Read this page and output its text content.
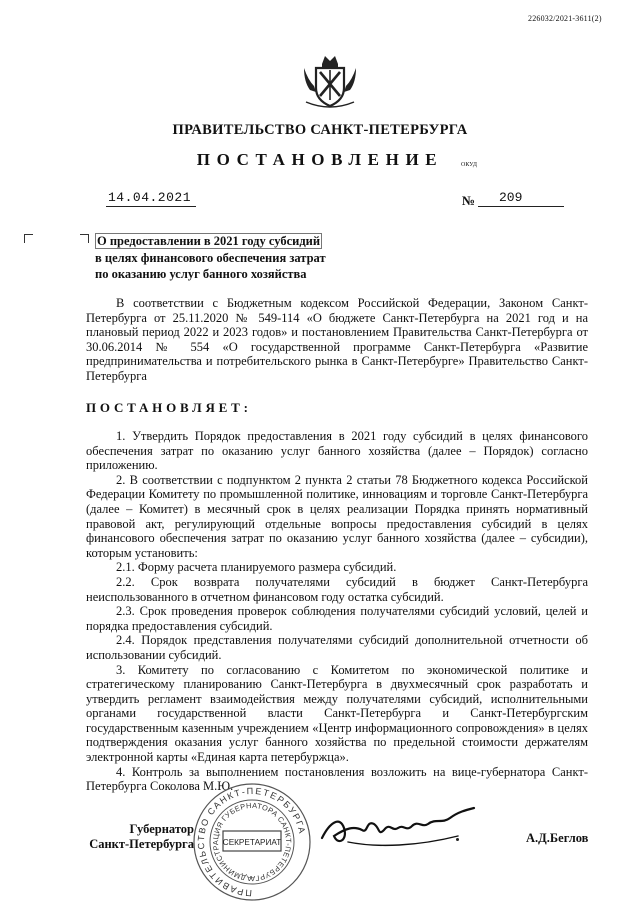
226032/2021-3611(2)
ПРАВИТЕЛЬСТВО САНКТ-ПЕТЕРБУРГА
ПОСТАНОВЛЕНИЕ	ОКУД
14.04.2021	№ 209
О предоставлении в 2021 году субсидий
в целях финансового обеспечения затрат
по оказанию услуг банного хозяйства

В соответствии с Бюджетным кодексом Российской Федерации, Законом Санкт-Петербурга от 25.11.2020 № 549-114 «О бюджете Санкт-Петербурга на 2021 год и на плановый период 2022 и 2023 годов» и постановлением Правительства Санкт-Петербурга от 30.06.2014 № 554 «О государственной программе Санкт-Петербурга «Развитие предпринимательства и потребительского рынка в Санкт-Петербурге» Правительство Санкт-Петербурга

ПОСТАНОВЛЯЕТ:

1. Утвердить Порядок предоставления в 2021 году субсидий в целях финансового обеспечения затрат по оказанию услуг банного хозяйства (далее – Порядок) согласно приложению.

2. В соответствии с подпунктом 2 пункта 2 статьи 78 Бюджетного кодекса Российской Федерации Комитету по промышленной политике, инновациям и торговле Санкт-Петербурга (далее – Комитет) в месячный срок в целях реализации Порядка принять нормативный правовой акт, регулирующий отдельные вопросы предоставления субсидий в целях финансового обеспечения затрат по оказанию услуг банного хозяйства (далее – субсидии), которым установить:

2.1. Форму расчета планируемого размера субсидий.

2.2. Срок возврата получателями субсидий в бюджет Санкт-Петербурга неиспользованного в отчетном финансовом году остатка субсидий.

2.3. Срок проведения проверок соблюдения получателями субсидий условий, целей и порядка предоставления субсидий.

2.4. Порядок представления получателями субсидий дополнительной отчетности об использовании субсидий.

3. Комитету по согласованию с Комитетом по экономической политике и стратегическому планированию Санкт-Петербурга в двухмесячный срок разработать и утвердить регламент взаимодействия между получателями субсидий, исполнительными органами государственной власти Санкт-Петербурга и Санкт-Петербургским государственным казенным учреждением «Центр информационного сопровождения» в целях подтверждения оказания услуг банного хозяйства по предельной стоимости держателям электронной карты «Единая карта петербуржца».

4. Контроль за выполнением постановления возложить на вице-губернатора Санкт-Петербурга Соколова М.Ю.

Губернатор
Санкт-Петербурга
АДМИНИСТРАЦИЯ ГУБЕРНАТОРА САНКТ-ПЕТЕРБУРГА
ПРАВИТЕЛЬСТВО САНКТ-ПЕТЕРБУРГА
СЕКРЕТАРИАТ	А.Д.Беглов
